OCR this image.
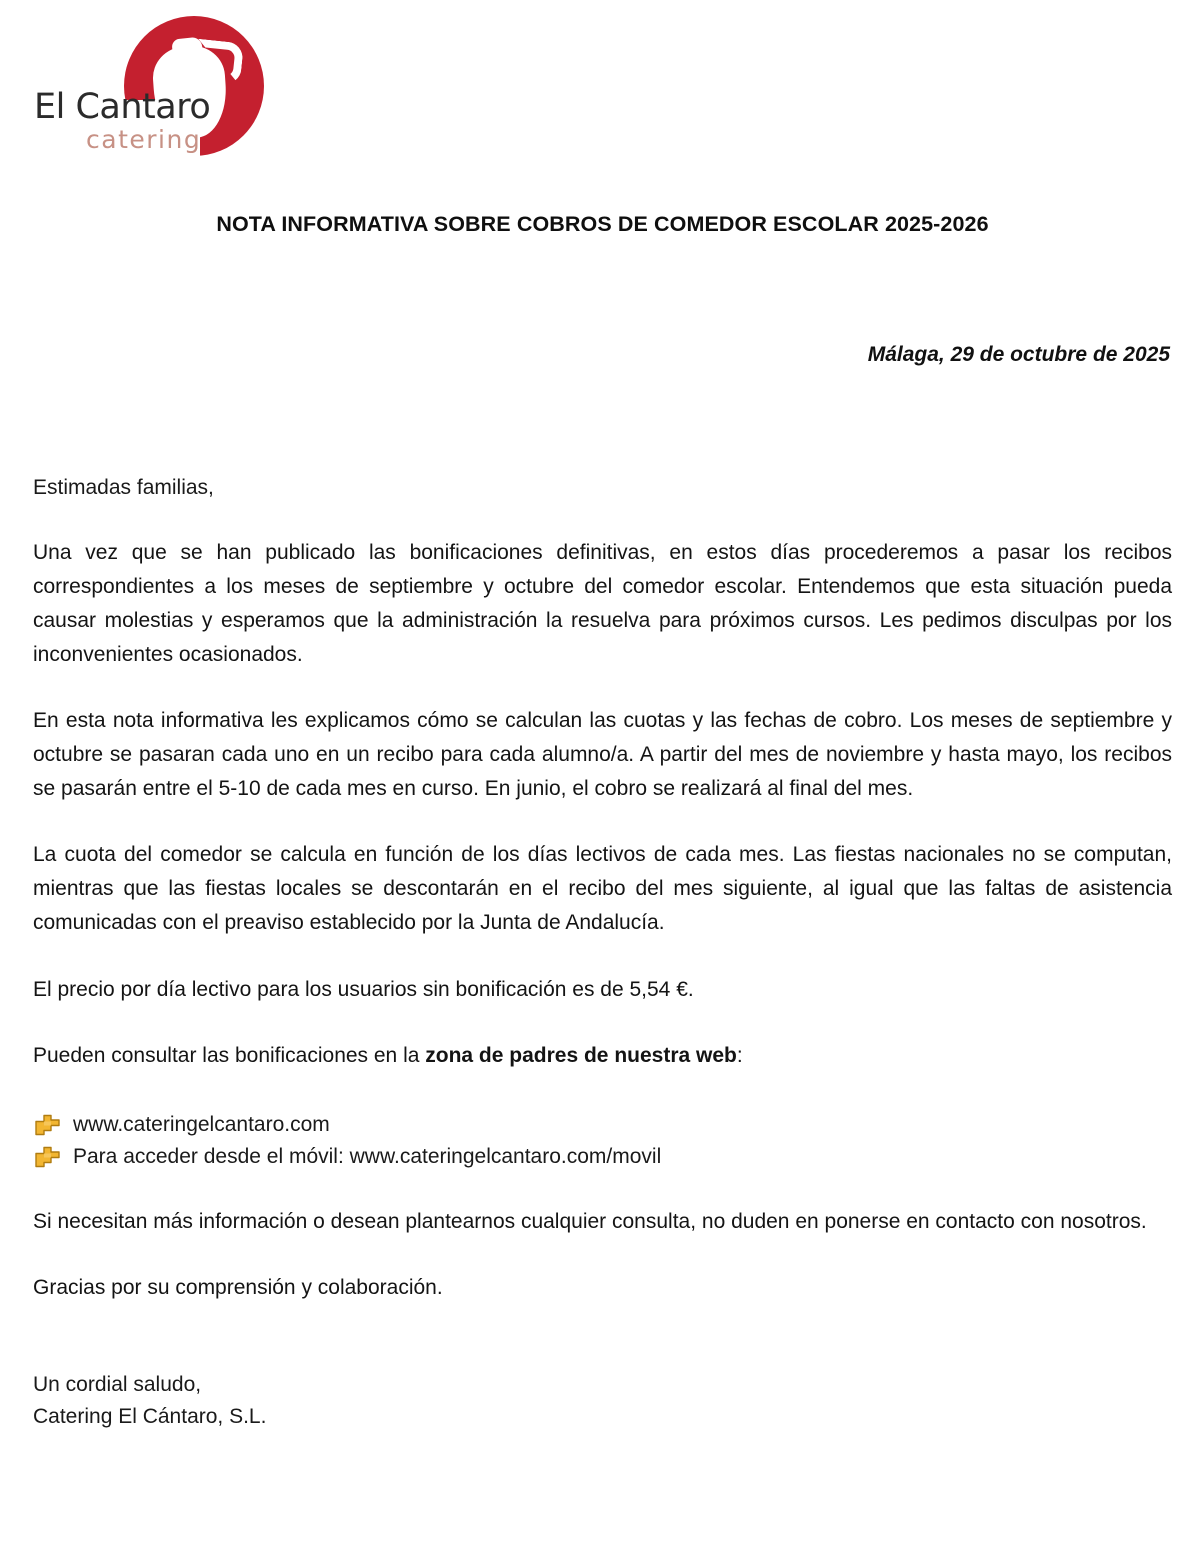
El Cantaro
catering
NOTA INFORMATIVA SOBRE COBROS DE COMEDOR ESCOLAR 2025-2026
Málaga, 29 de octubre de 2025
Estimadas familias,

Una vez que se han publicado las bonificaciones definitivas, en estos días procederemos a pasar los recibos correspondientes a los meses de septiembre y octubre del comedor escolar. Entendemos que esta situación pueda causar molestias y esperamos que la administración la resuelva para próximos cursos. Les pedimos disculpas por los inconvenientes ocasionados.

En esta nota informativa les explicamos cómo se calculan las cuotas y las fechas de cobro. Los meses de septiembre y octubre se pasaran cada uno en un recibo para cada alumno/a. A partir del mes de noviembre y hasta mayo, los recibos se pasarán entre el 5-10 de cada mes en curso. En junio, el cobro se realizará al final del mes.

La cuota del comedor se calcula en función de los días lectivos de cada mes. Las fiestas nacionales no se computan, mientras que las fiestas locales se descontarán en el recibo del mes siguiente, al igual que las faltas de asistencia comunicadas con el preaviso establecido por la Junta de Andalucía.

El precio por día lectivo para los usuarios sin bonificación es de 5,54 €.

Pueden consultar las bonificaciones en la zona de padres de nuestra web:

www.cateringelcantaro.com
Para acceder desde el móvil: www.cateringelcantaro.com/movil

Si necesitan más información o desean plantearnos cualquier consulta, no duden en ponerse en contacto con nosotros.

Gracias por su comprensión y colaboración.

Un cordial saludo,
Catering El Cántaro, S.L.
